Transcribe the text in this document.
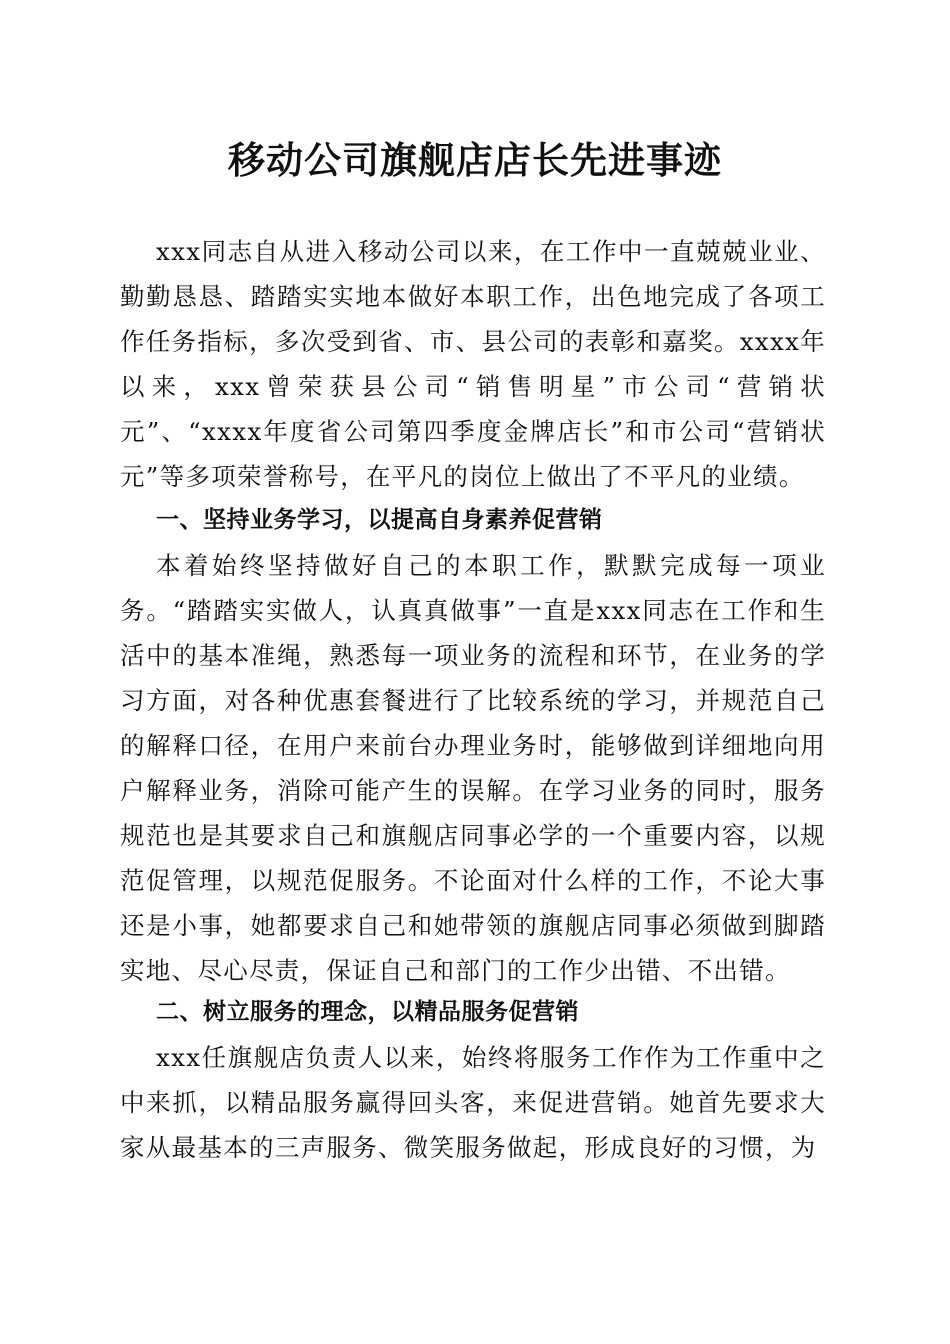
移动公司旗舰店店长先进事迹

xxx同志自从进入移动公司以来，在工作中一直兢兢业业、勤勤恳恳、踏踏实实地本做好本职工作，出色地完成了各项工作任务指标，多次受到省、市、县公司的表彰和嘉奖。xxxx年以来，xxx曾荣获县公司“销售明星”市公司“营销状元”、“xxxx年度省公司第四季度金牌店长”和市公司“营销状元”等多项荣誉称号，在平凡的岗位上做出了不平凡的业绩。

一、坚持业务学习，以提高自身素养促营销

本着始终坚持做好自己的本职工作，默默完成每一项业务。“踏踏实实做人，认真真做事”一直是xxx同志在工作和生活中的基本准绳，熟悉每一项业务的流程和环节，在业务的学习方面，对各种优惠套餐进行了比较系统的学习，并规范自己的解释口径，在用户来前台办理业务时，能够做到详细地向用户解释业务，消除可能产生的误解。在学习业务的同时，服务规范也是其要求自己和旗舰店同事必学的一个重要内容，以规范促管理，以规范促服务。不论面对什么样的工作，不论大事还是小事，她都要求自己和她带领的旗舰店同事必须做到脚踏实地、尽心尽责，保证自己和部门的工作少出错、不出错。

二、树立服务的理念，以精品服务促营销

xxx任旗舰店负责人以来，始终将服务工作作为工作重中之中来抓，以精品服务赢得回头客，来促进营销。她首先要求大家从最基本的三声服务、微笑服务做起，形成良好的习惯，为
